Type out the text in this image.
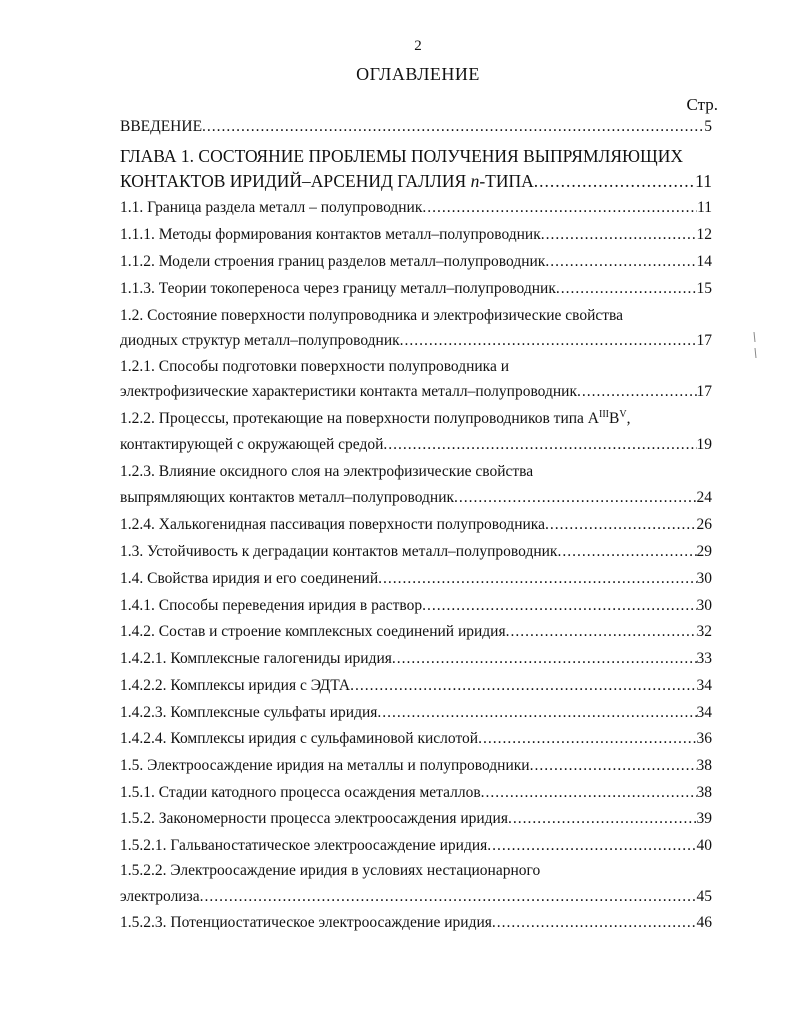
2
ОГЛАВЛЕНИЕ
Стр.
ВВЕДЕНИЕ .....	5
ГЛАВА 1. СОСТОЯНИЕ ПРОБЛЕМЫ ПОЛУЧЕНИЯ ВЫПРЯМЛЯЮЩИХ
КОНТАКТОВ ИРИДИЙ–АРСЕНИД ГАЛЛИЯ n-ТИПА .....	11
1.1. Граница раздела металл – полупроводник .....	11
1.1.1. Методы формирования контактов металл–полупроводник .....	12
1.1.2. Модели строения границ разделов металл–полупроводник .....	14
1.1.3. Теории токопереноса через границу металл–полупроводник .....	15
1.2. Состояние поверхности полупроводника и электрофизические свойства
диодных структур металл–полупроводник .....	17
1.2.1. Способы подготовки поверхности полупроводника и
электрофизические характеристики контакта металл–полупроводник .....	17
1.2.2. Процессы, протекающие на поверхности полупроводников типа $A^{III}B^V$,
контактирующей с окружающей средой .....	19
1.2.3. Влияние оксидного слоя на электрофизические свойства
выпрямляющих контактов металл–полупроводник .....	24
1.2.4. Халькогенидная пассивация поверхности полупроводника .....	26
1.3. Устойчивость к деградации контактов металл–полупроводник .....	29
1.4. Свойства иридия и его соединений .....	30
1.4.1. Способы переведения иридия в раствор .....	30
1.4.2. Состав и строение комплексных соединений иридия .....	32
1.4.2.1. Комплексные галогениды иридия .....	33
1.4.2.2. Комплексы иридия с ЭДТА .....	34
1.4.2.3. Комплексные сульфаты иридия .....	34
1.4.2.4. Комплексы иридия с сульфаминовой кислотой .....	36
1.5. Электроосаждение иридия на металлы и полупроводники .....	38
1.5.1. Стадии катодного процесса осаждения металлов .....	38
1.5.2. Закономерности процесса электроосаждения иридия .....	39
1.5.2.1. Гальваностатическое электроосаждение иридия .....	40
1.5.2.2. Электроосаждение иридия в условиях нестационарного
электролиза .....	45
1.5.2.3. Потенциостатическое электроосаждение иридия .....	46
